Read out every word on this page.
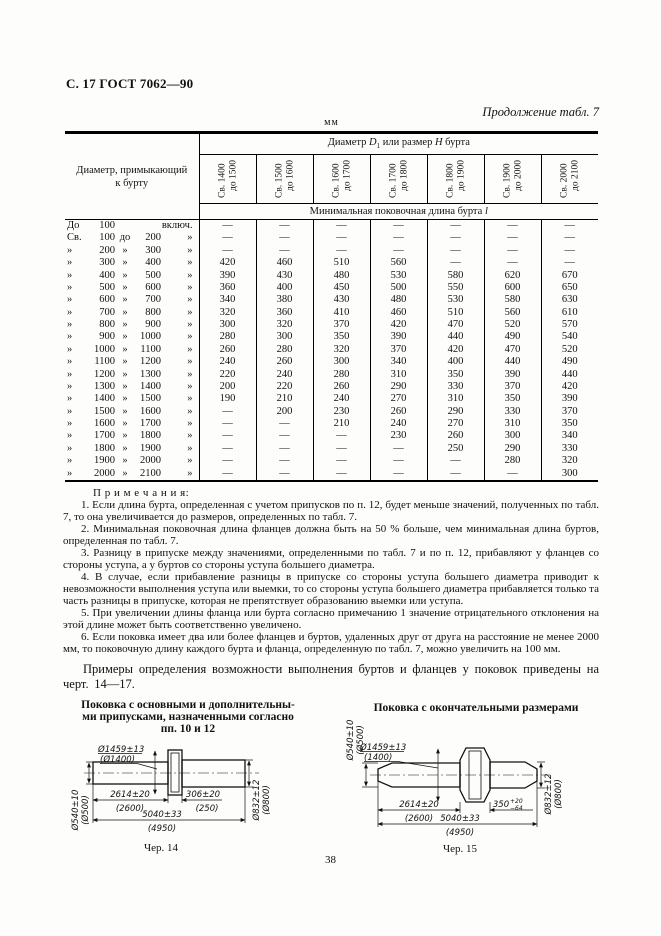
С. 17 ГОСТ 7062—90
Продолжение табл. 7
мм
Диаметр, примыкающий
к бурту	Диаметр $D_1$ или размер H бурта						

Св. 1400 до 1500	Св. 1500 до 1600	Св. 1600 до 1700	Св. 1700 до 1800	Св. 1800 до 1900	Св. 1900 до 2000	Св. 2000 до 2100

	Минимальная поковочная длина бурта l						

До 100 включ.	—	—	—	—	—	—	—

Св. 100 до 200 »	—	—	—	—	—	—	—

» 200 » 300 »	—	—	—	—	—	—	—

» 300 » 400 »	420	460	510	560	—	—	—

» 400 » 500 »	390	430	480	530	580	620	670

» 500 » 600 »	360	400	450	500	550	600	650

» 600 » 700 »	340	380	430	480	530	580	630

» 700 » 800 »	320	360	410	460	510	560	610

» 800 » 900 »	300	320	370	420	470	520	570

» 900 » 1000 »	280	300	350	390	440	490	540

» 1000 » 1100 »	260	280	320	370	420	470	520

» 1100 » 1200 »	240	260	300	340	400	440	490

» 1200 » 1300 »	220	240	280	310	350	390	440

» 1300 » 1400 »	200	220	260	290	330	370	420

» 1400 » 1500 »	190	210	240	270	310	350	390

» 1500 » 1600 »	—	200	230	260	290	330	370

» 1600 » 1700 »	—	—	210	240	270	310	350

» 1700 » 1800 »	—	—	—	230	260	300	340

» 1800 » 1900 »	—	—	—	—	250	290	330

» 1900 » 2000 »	—	—	—	—	—	280	320

» 2000 » 2100 »	—	—	—	—	—	—	300

П р и м е ч а н и я:

1. Если длина бурта, определенная с учетом припусков по п. 12, будет меньше значений, полученных по табл. 7, то она увеличивается до размеров, определенных по табл. 7.

2. Минимальная поковочная длина фланцев должна быть на 50 % больше, чем минимальная длина буртов, определенная по табл. 7.

3. Разницу в припуске между значениями, определенными по табл. 7 и по п. 12, прибавляют у фланцев со стороны уступа, а у буртов со стороны уступа большего диаметра.

4. В случае, если прибавление разницы в припуске со стороны уступа большего диаметра приводит к невозможности выполнения уступа или выемки, то со стороны уступа большего диаметра прибавляется только та часть разницы в припуске, которая не препятствует образованию выемки или уступа.

5. При увеличении длины фланца или бурта согласно примечанию 1 значение отрицательного отклонения на этой длине может быть соответственно увеличено.

6. Если поковка имеет два или более фланцев и буртов, удаленных друг от друга на расстояние не менее 2000 мм, то поковочную длину каждого бурта и фланца, определенную по табл. 7, можно увеличить на 100 мм.

Примеры определения возможности выполнения буртов и фланцев у поковок приведены на черт. 14—17.

Поковка с основными и дополнительны-
ми припусками, назначенными согласно
пп. 10 и 12
Поковка с окончательными размерами
Ø1459±13
(Ø1400)
Ø540±10 (Ø500)	Ø832±12 (Ø800)
2614±20
(2600)
306±20
(250)
5040±33
(4950)
Чер. 14
Ø540±10 (Ø500)
Ø1459±13
(1400)
Ø832±12 (Ø800)
2614±20
(2600)
350 +20
−64
5040±33
(4950)
Чер. 15
38
